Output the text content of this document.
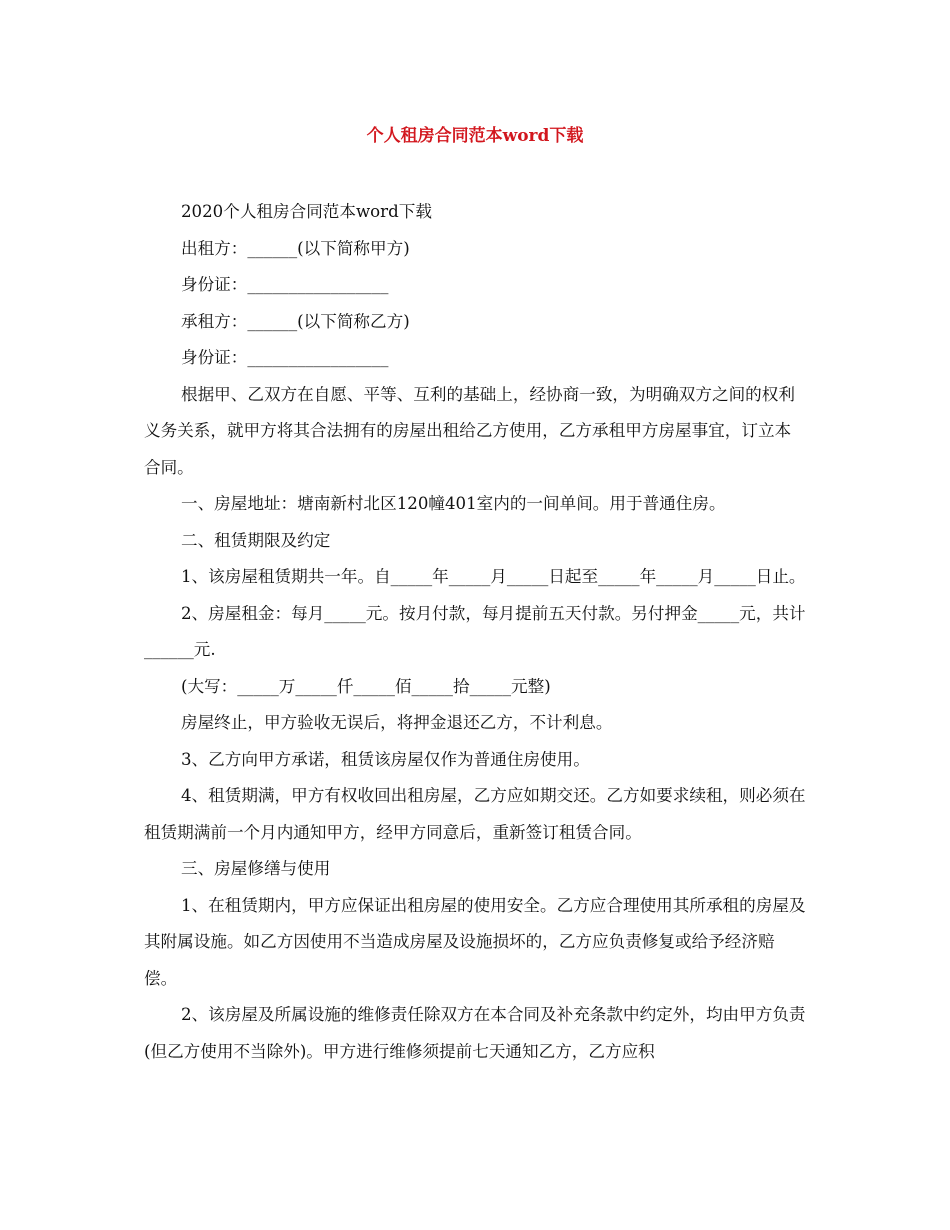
个人租房合同范本word下载

2020个人租房合同范本word下载

出租方：______(以下简称甲方)

身份证：_________________

承租方：______(以下简称乙方)

身份证：_________________

根据甲、乙双方在自愿、平等、互利的基础上，经协商一致，为明确双方之间的权利义务关系，就甲方将其合法拥有的房屋出租给乙方使用，乙方承租甲方房屋事宜，订立本合同。

一、房屋地址：塘南新村北区120幢401室内的一间单间。用于普通住房。

二、租赁期限及约定

1、该房屋租赁期共一年。自_____年_____月_____日起至_____年_____月_____日止。

2、房屋租金：每月_____元。按月付款，每月提前五天付款。另付押金_____元，共计______元.

(大写：_____万_____仟_____佰_____拾_____元整)

房屋终止，甲方验收无误后，将押金退还乙方，不计利息。

3、乙方向甲方承诺，租赁该房屋仅作为普通住房使用。

4、租赁期满，甲方有权收回出租房屋，乙方应如期交还。乙方如要求续租，则必须在租赁期满前一个月内通知甲方，经甲方同意后，重新签订租赁合同。

三、房屋修缮与使用

1、在租赁期内，甲方应保证出租房屋的使用安全。乙方应合理使用其所承租的房屋及其附属设施。如乙方因使用不当造成房屋及设施损坏的，乙方应负责修复或给予经济赔偿。

2、该房屋及所属设施的维修责任除双方在本合同及补充条款中约定外，均由甲方负责(但乙方使用不当除外)。甲方进行维修须提前七天通知乙方，乙方应积
